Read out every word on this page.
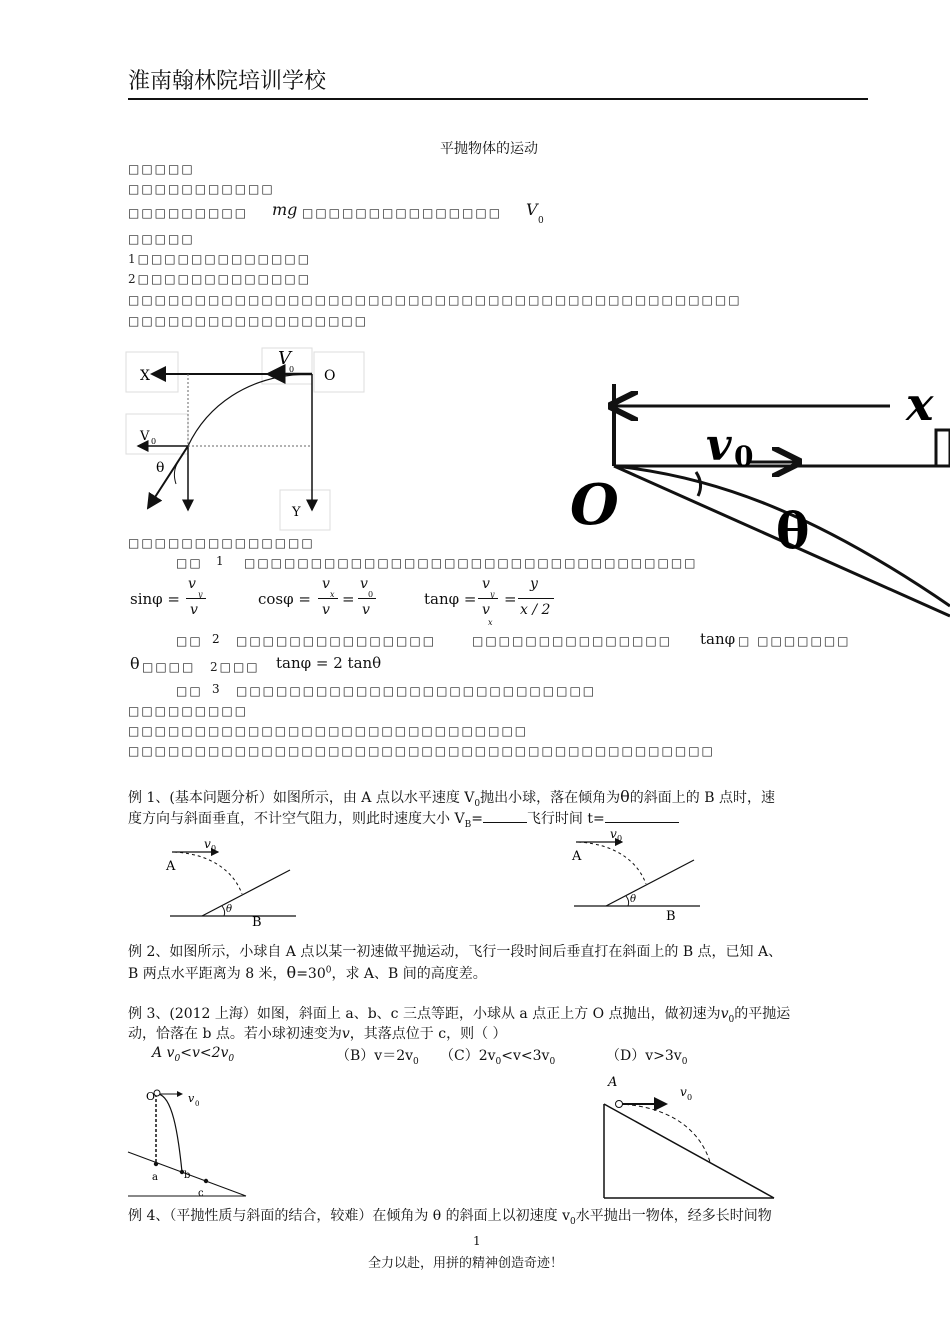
淮南翰林院培训学校
平抛物体的运动
□□□□□
□□□□□□□□□□□
□□□□□□□□□ mg □□□□□□□□□□□□□□□ V
0
□□□□□
1□□□□□□□□□□□□□
2□□□□□□□□□□□□□
□□□□□□□□□□□□□□□□□□□□□□□□□□□□□□□□□□□□□□□□□□□□□□
□□□□□□□□□□□□□□□□□□
X	O
V
0
V 0
θ
Y
x
v 0
O	θ
□□□□□□□□□□□□□□
□□ 1 □□□□□□□□□□□□□□□□□□□□□□□□□□□□□□□□□□
sinφ =
v
y
v
cosφ =
v
x
v
=
v
0
v
tanφ =
v
y
v
x
=
y
x / 2
□□ 2 □□□□□□□□□□□□□□□	□□□□□□□□□□□□□□□ tanφ □ □□□□□□□
θ □□□□ 2□□□ tanφ = 2 tanθ
□□ 3 □□□□□□□□□□□□□□□□□□□□□□□□□□□
□□□□□□□□□
□□□□□□□□□□□□□□□□□□□□□□□□□□□□□□
□□□□□□□□□□□□□□□□□□□□□□□□□□□□□□□□□□□□□□□□□□□□
例 1、(基本问题分析）如图所示，由 A 点以水平速度 $V_0$抛出小球，落在倾角为θ的斜面上的 B 点时，速
度方向与斜面垂直，不计空气阻力，则此时速度大小 $V_B=$	飞行时间 t=
A
B
v 0
θ
A
B
v 0
θ
例 2、如图所示，小球自 A 点以某一初速做平抛运动，飞行一段时间后垂直打在斜面上的 B 点，已知 A、
B 两点水平距离为 8 米，$\theta=30^0$，求 A、B 间的高度差。
例 3、(2012 上海）如图，斜面上 a、b、c 三点等距，小球从 a 点正上方 O 点抛出，做初速为$v_0$的平抛运
动，恰落在 b 点。若小球初速变为v，其落点位于 c，则（ ）
A $v_0<v<2v_0$	$(B)v=2v_0$ $(C)2v_0<v<3v_0$	$(D)v>3v_0$
O	v 0
a	b
c
A
v 0
例 4、（平抛性质与斜面的结合，较难）在倾角为 θ 的斜面上以初速度 $v_0$水平抛出一物体，经多长时间物
1
全力以赴，用拼的精神创造奇迹！
